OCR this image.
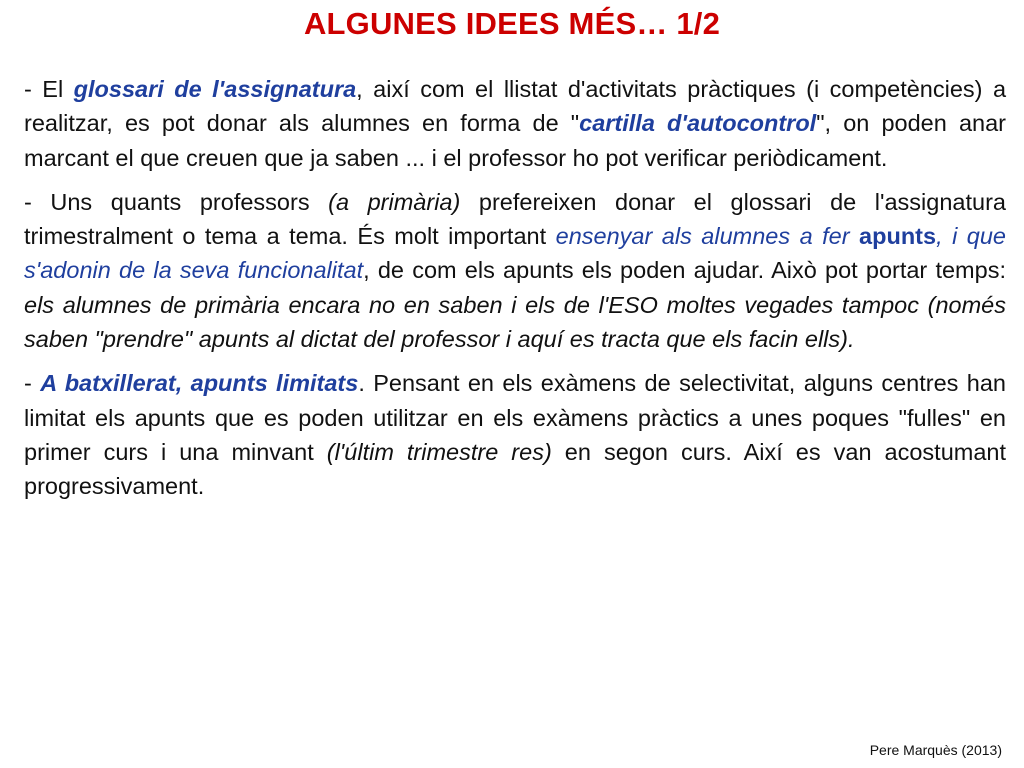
ALGUNES IDEES MÉS… 1/2

- El glossari de l'assignatura, així com el llistat d'activitats pràctiques (i competències) a realitzar, es pot donar als alumnes en forma de "cartilla d'autocontrol", on poden anar marcant el que creuen que ja saben ... i el professor ho pot verificar periòdicament.

- Uns quants professors (a primària) prefereixen donar el glossari de l'assignatura trimestralment o tema a tema. És molt important ensenyar als alumnes a fer apunts, i que s'adonin de la seva funcionalitat, de com els apunts els poden ajudar. Això pot portar temps: els alumnes de primària encara no en saben i els de l'ESO moltes vegades tampoc (només saben "prendre" apunts al dictat del professor i aquí es tracta que els facin ells).

- A batxillerat, apunts limitats. Pensant en els exàmens de selectivitat, alguns centres han limitat els apunts que es poden utilitzar en els exàmens pràctics a unes poques "fulles" en primer curs i una minvant (l'últim trimestre res) en segon curs. Així es van acostumant progressivament.

Pere Marquès (2013)
